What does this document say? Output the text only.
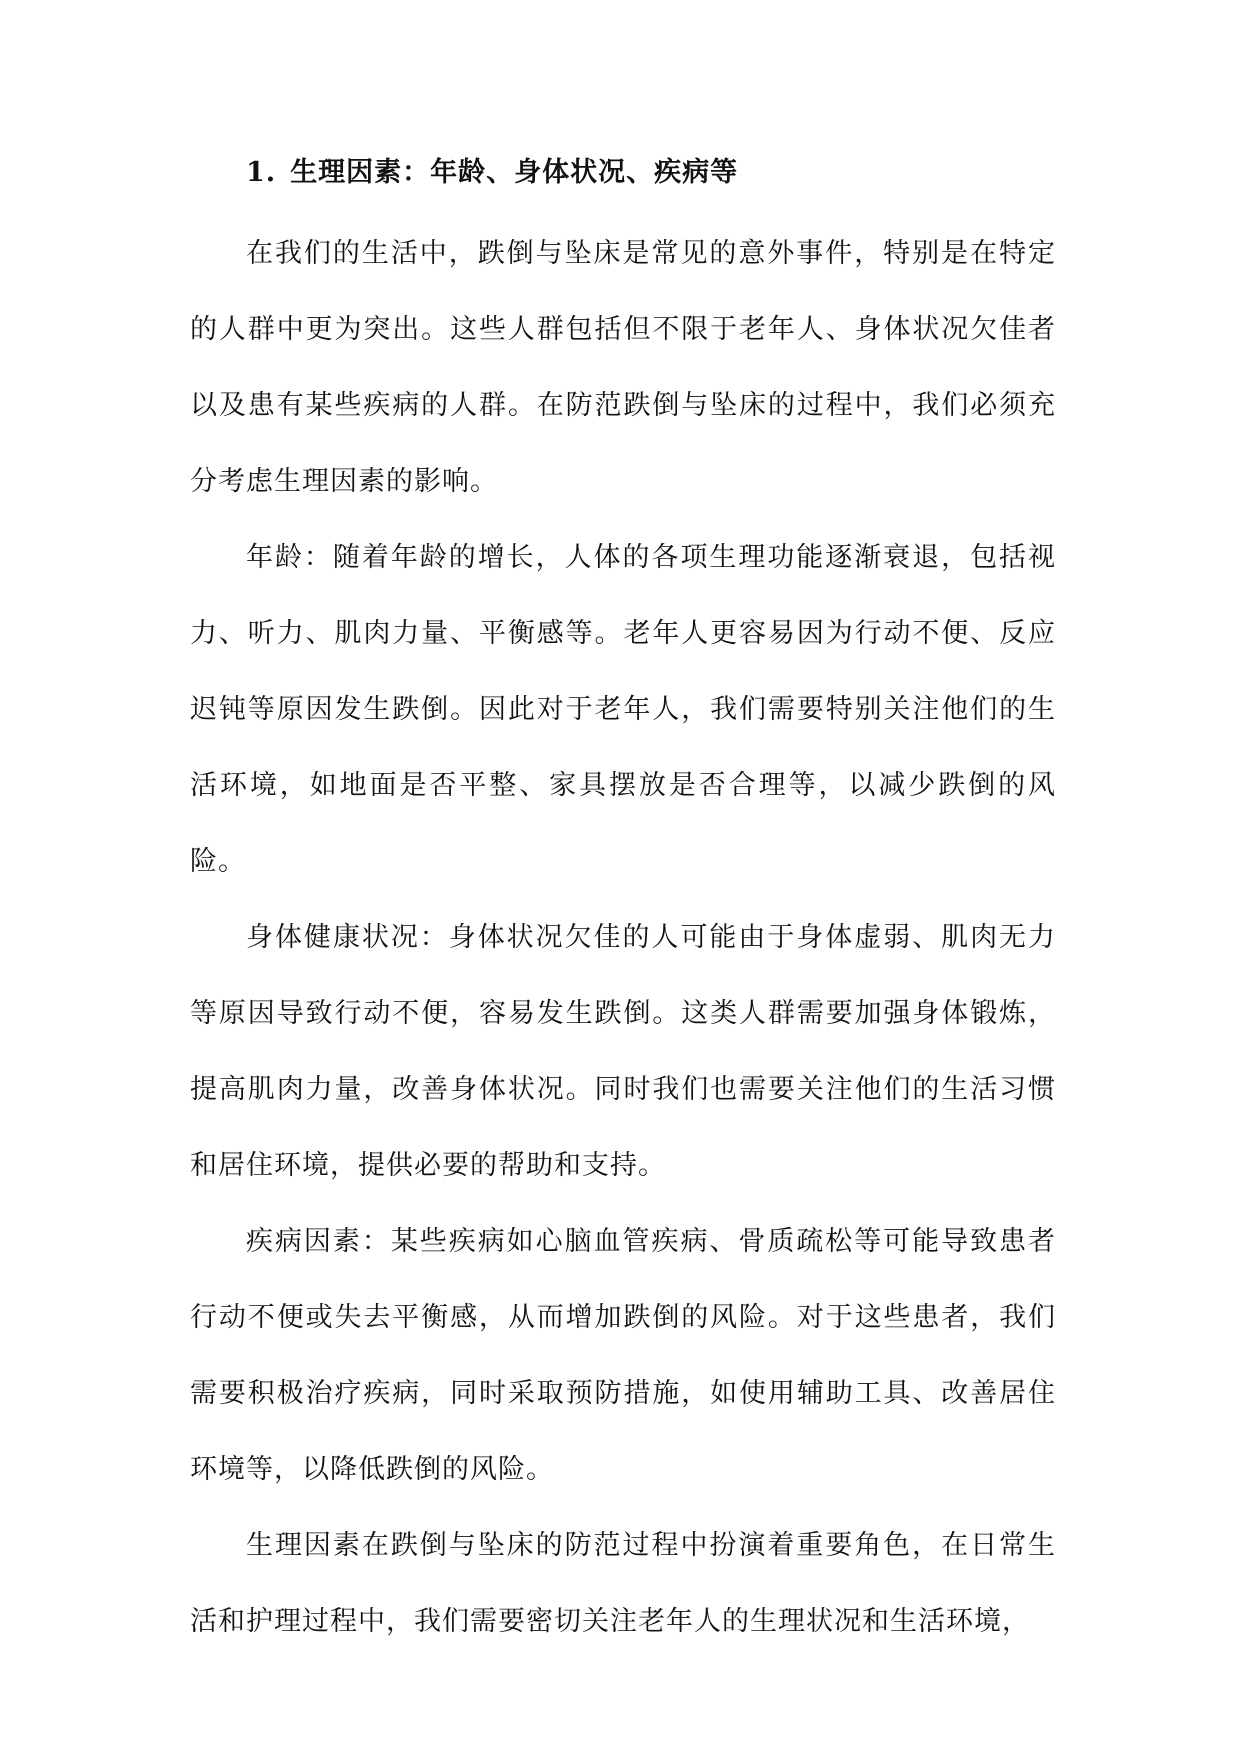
1. 生理因素：年龄、身体状况、疾病等

在我们的生活中，跌倒与坠床是常见的意外事件，特别是在特定的人群中更为突出。这些人群包括但不限于老年人、身体状况欠佳者以及患有某些疾病的人群。在防范跌倒与坠床的过程中，我们必须充分考虑生理因素的影响。

年龄：随着年龄的增长，人体的各项生理功能逐渐衰退，包括视力、听力、肌肉力量、平衡感等。老年人更容易因为行动不便、反应迟钝等原因发生跌倒。因此对于老年人，我们需要特别关注他们的生活环境，如地面是否平整、家具摆放是否合理等，以减少跌倒的风险。

身体健康状况：身体状况欠佳的人可能由于身体虚弱、肌肉无力等原因导致行动不便，容易发生跌倒。这类人群需要加强身体锻炼，提高肌肉力量，改善身体状况。同时我们也需要关注他们的生活习惯和居住环境，提供必要的帮助和支持。

疾病因素：某些疾病如心脑血管疾病、骨质疏松等可能导致患者行动不便或失去平衡感，从而增加跌倒的风险。对于这些患者，我们需要积极治疗疾病，同时采取预防措施，如使用辅助工具、改善居住环境等，以降低跌倒的风险。

生理因素在跌倒与坠床的防范过程中扮演着重要角色，在日常生活和护理过程中，我们需要密切关注老年人的生理状况和生活环境，
